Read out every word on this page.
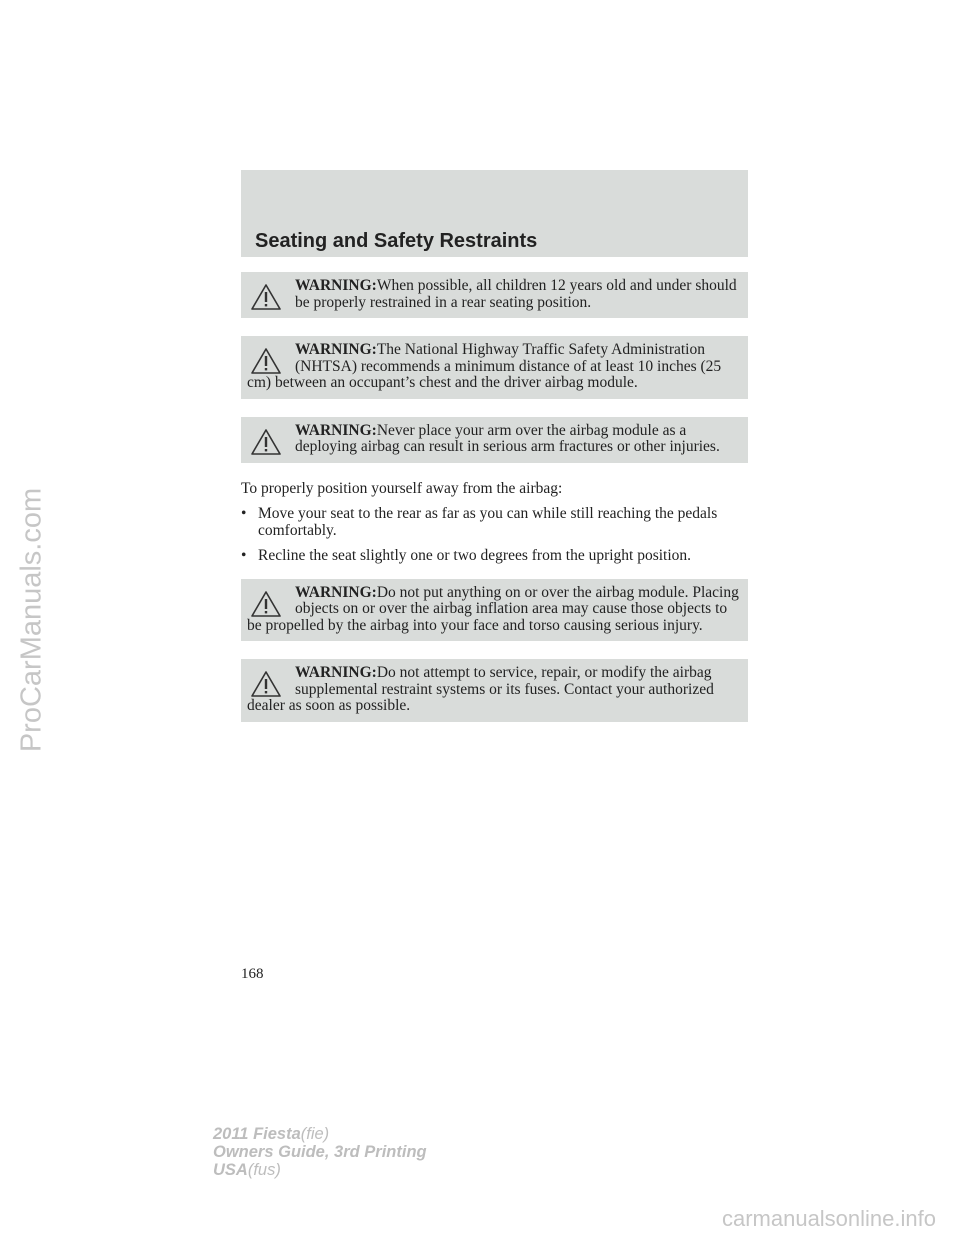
ProCarManuals.com
Seating and Safety Restraints
WARNING:When possible, all children 12 years old and under should be properly restrained in a rear seating position.
WARNING:The National Highway Traffic Safety Administration (NHTSA) recommends a minimum distance of at least 10 inches (25 cm) between an occupant’s chest and the driver airbag module.
WARNING:Never place your arm over the airbag module as a deploying airbag can result in serious arm fractures or other injuries.

To properly position yourself away from the airbag:

• Move your seat to the rear as far as you can while still reaching the pedals comfortably.
• Recline the seat slightly one or two degrees from the upright position.
WARNING:Do not put anything on or over the airbag module. Placing objects on or over the airbag inflation area may cause those objects to be propelled by the airbag into your face and torso causing serious injury.
WARNING:Do not attempt to service, repair, or modify the airbag supplemental restraint systems or its fuses. Contact your authorized dealer as soon as possible.
168
2011 Fiesta(fie)
Owners Guide, 3rd Printing
USA(fus)
carmanualsonline.info
